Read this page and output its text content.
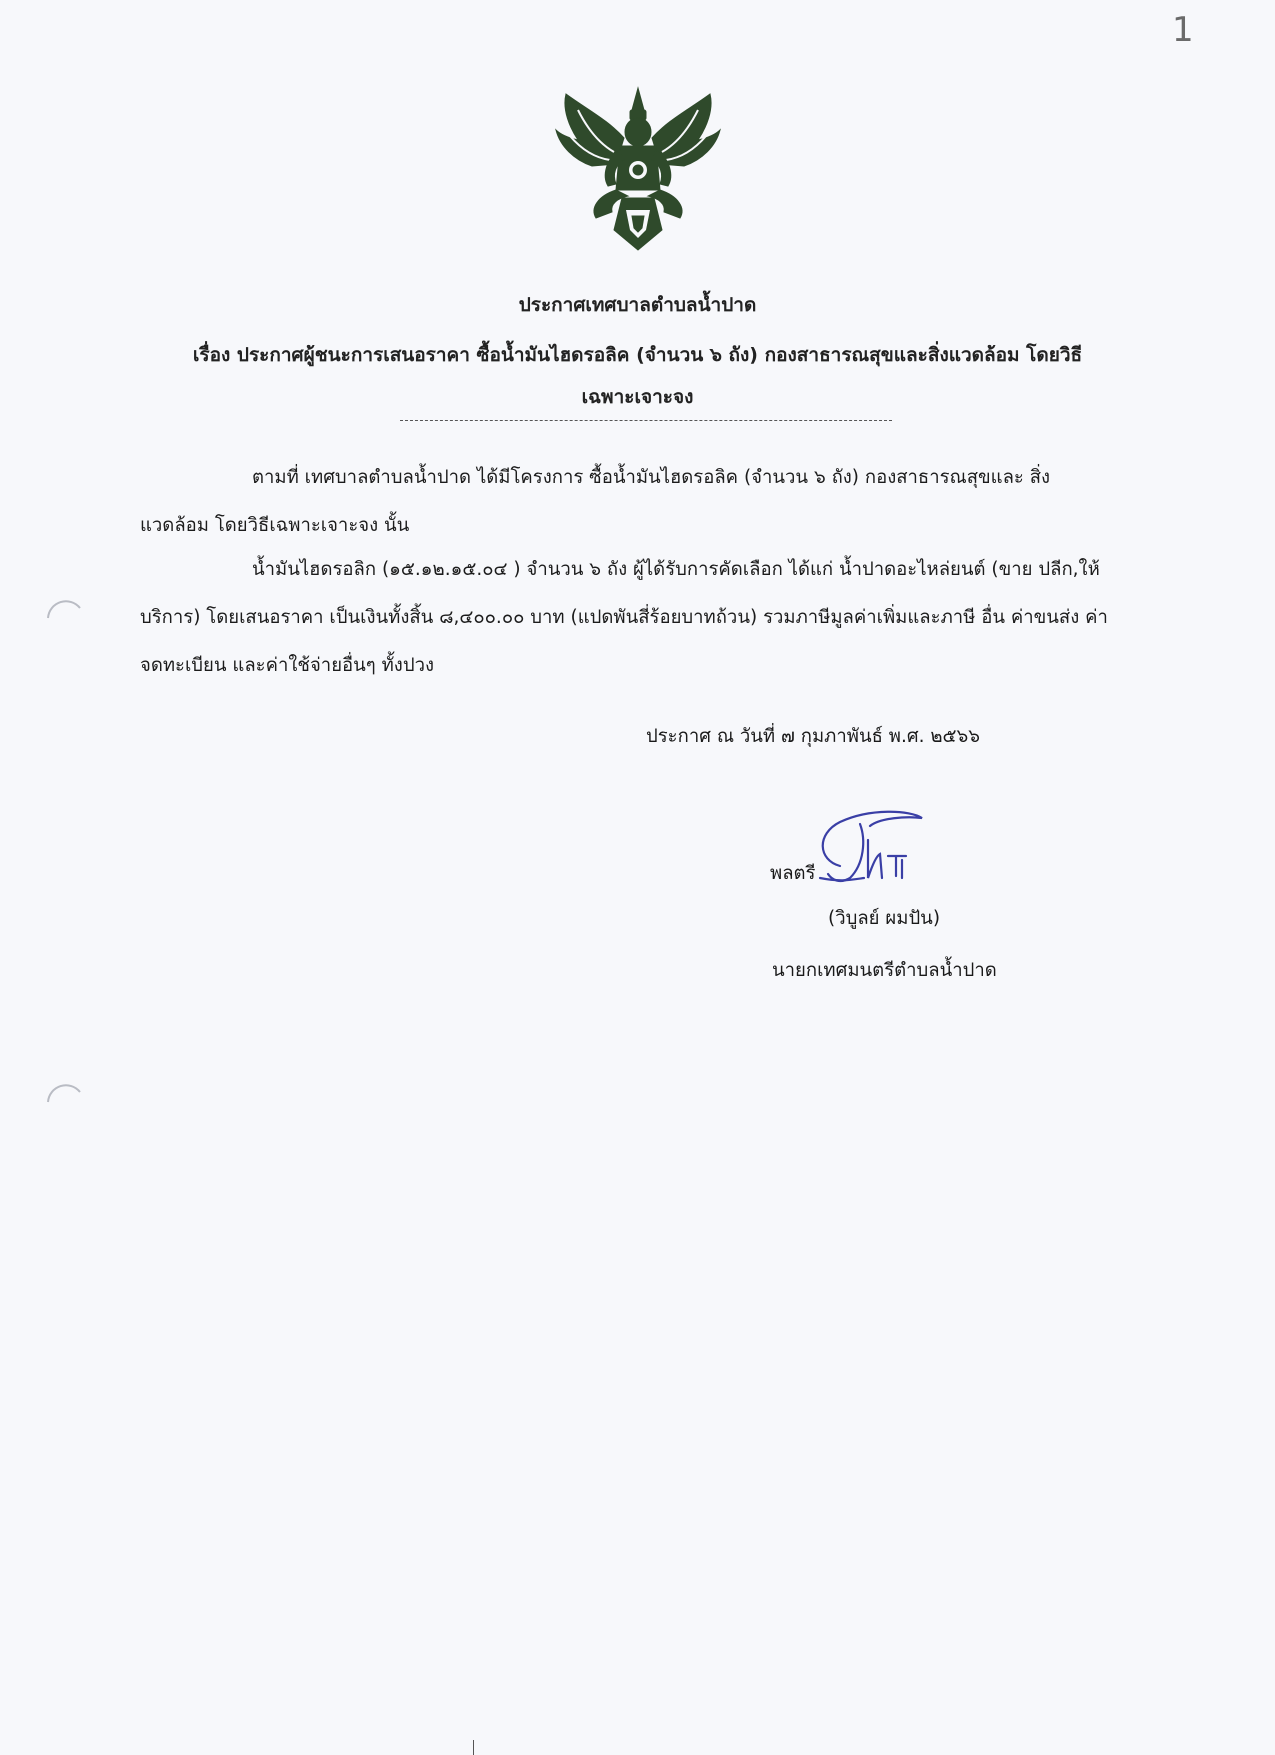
1
ประกาศเทศบาลตำบลน้ำปาด
เรื่อง ประกาศผู้ชนะการเสนอราคา ซื้อน้ำมันไฮดรอลิค (จำนวน ๖ ถัง) กองสาธารณสุขและสิ่งแวดล้อม โดยวิธี
เฉพาะเจาะจง
ตามที่ เทศบาลตำบลน้ำปาด ได้มีโครงการ ซื้อน้ำมันไฮดรอลิค (จำนวน ๖ ถัง) กองสาธารณสุขและ สิ่งแวดล้อม โดยวิธีเฉพาะเจาะจง นั้น
น้ำมันไฮดรอลิก (๑๕.๑๒.๑๕.๐๔ ) จำนวน ๖ ถัง ผู้ได้รับการคัดเลือก ได้แก่ น้ำปาดอะไหล่ยนต์ (ขาย ปลีก,ให้บริการ) โดยเสนอราคา เป็นเงินทั้งสิ้น ๘,๔๐๐.๐๐ บาท (แปดพันสี่ร้อยบาทถ้วน) รวมภาษีมูลค่าเพิ่มและภาษี อื่น ค่าขนส่ง ค่าจดทะเบียน และค่าใช้จ่ายอื่นๆ ทั้งปวง
ประกาศ ณ วันที่ ๗ กุมภาพันธ์ พ.ศ. ๒๕๖๖
พลตรี
(วิบูลย์ ผมปัน)
นายกเทศมนตรีตำบลน้ำปาด
